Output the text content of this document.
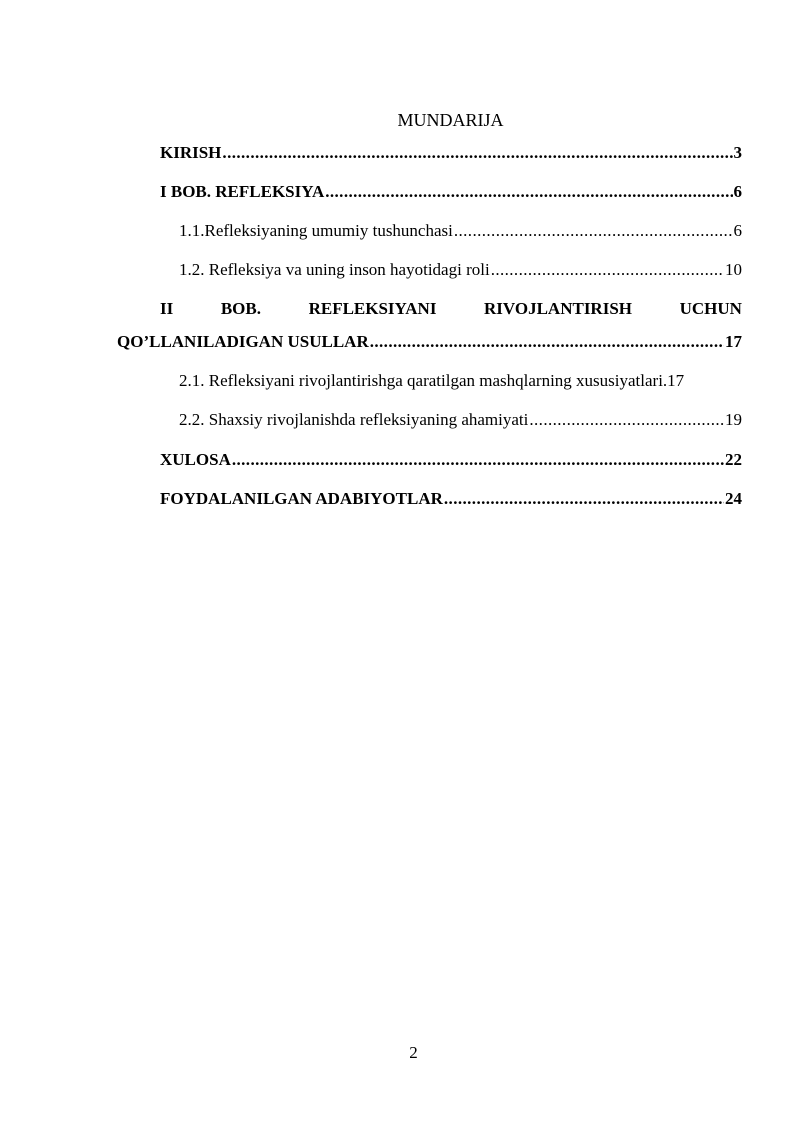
MUNDARIJA
KIRISH .....	3
I BOB. REFLEKSIYA .....	6
1.1.Refleksiyaning umumiy tushunchasi .....	6
1.2. Refleksiya va uning inson hayotidagi roli .....	10
II	BOB.	REFLEKSIYANI	RIVOJLANTIRISH	UCHUN
QO’LLANILADIGAN USULLAR .....	17
2.1. Refleksiyani rivojlantirishga qaratilgan mashqlarning xususiyatlari. 17
2.2. Shaxsiy rivojlanishda refleksiyaning ahamiyati .....	19
XULOSA .....	22
FOYDALANILGAN ADABIYOTLAR .....	24
2
